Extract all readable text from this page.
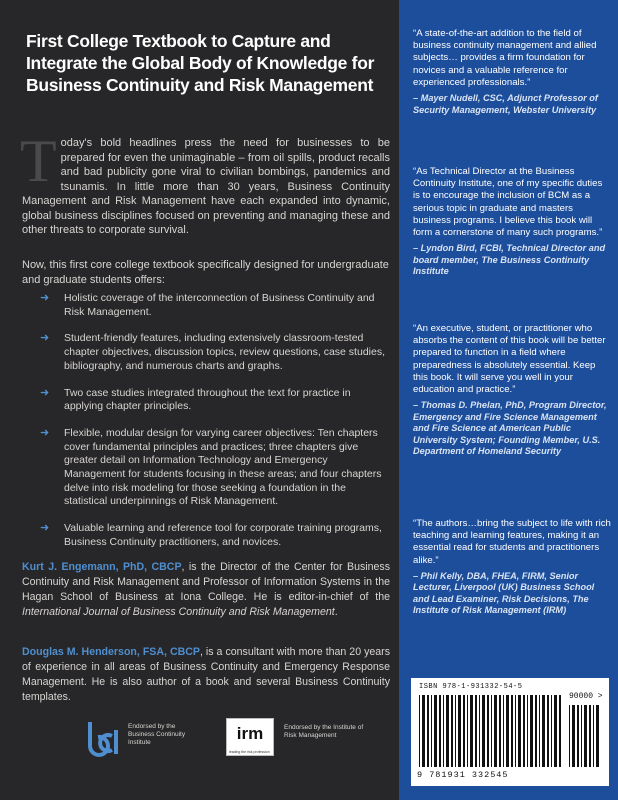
First College Textbook to Capture and
Integrate the Global Body of Knowledge for
Business Continuity and Risk Management
Today's bold headlines press the need for businesses to be prepared for even the unimaginable – from oil spills, product recalls and bad publicity gone viral to civilian bombings, pandemics and tsunamis. In little more than 30 years, Business Continuity Management and Risk Management have each expanded into dynamic, global business disciplines focused on preventing and managing these and other threats to corporate survival.
Now, this first core college textbook specifically designed for undergraduate and graduate students offers:
➜ Holistic coverage of the interconnection of Business Continuity and Risk Management.
➜ Student-friendly features, including extensively classroom-tested chapter objectives, discussion topics, review questions, case studies, bibliography, and numerous charts and graphs.
➜ Two case studies integrated throughout the text for practice in applying chapter principles.
➜ Flexible, modular design for varying career objectives: Ten chapters cover fundamental principles and practices; three chapters give greater detail on Information Technology and Emergency Management for students focusing in these areas; and four chapters delve into risk modeling for those seeking a foundation in the statistical underpinnings of Risk Management.
➜ Valuable learning and reference tool for corporate training programs, Business Continuity practitioners, and novices.
Kurt J. Engemann, PhD, CBCP, is the Director of the Center for Business Continuity and Risk Management and Professor of Information Systems in the Hagan School of Business at Iona College. He is editor-in-chief of the International Journal of Business Continuity and Risk Management.
Douglas M. Henderson, FSA, CBCP, is a consultant with more than 20 years of experience in all areas of Business Continuity and Emergency Response Management. He is also author of a book and several Business Continuity templates.
Endorsed by the Business Continuity Institute	irm
leading the risk profession
Endorsed by the Institute of Risk Management
“A state-of-the-art addition to the field of business continuity management and allied subjects… provides a firm foundation for novices and a valuable reference for experienced professionals.”
– Mayer Nudell, CSC, Adjunct Professor of Security Management, Webster University
“As Technical Director at the Business Continuity Institute, one of my specific duties is to encourage the inclusion of BCM as a serious topic in graduate and masters business programs. I believe this book will form a cornerstone of many such programs.”
– Lyndon Bird, FCBI, Technical Director and board member, The Business Continuity Institute
“An executive, student, or practitioner who absorbs the content of this book will be better prepared to function in a field where preparedness is absolutely essential. Keep this book. It will serve you well in your education and practice.”
– Thomas D. Phelan, PhD, Program Director, Emergency and Fire Science Management and Fire Science at American Public University System; Founding Member, U.S. Department of Homeland Security
“The authors…bring the subject to life with rich teaching and learning features, making it an essential read for students and practitioners alike.”
– Phil Kelly, DBA, FHEA, FIRM, Senior Lecturer, Liverpool (UK) Business School and Lead Examiner, Risk Decisions, The Institute of Risk Management (IRM)
ISBN 978-1-931332-54-5
90000 >
9 781931 332545
